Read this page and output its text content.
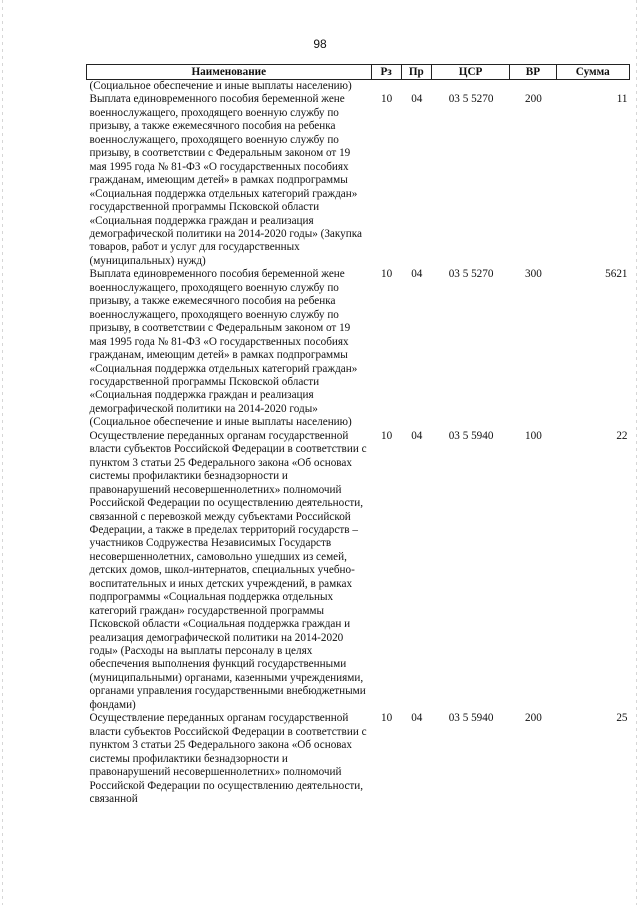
98
Наименование	Рз	Пр	ЦСР	ВР	Сумма
(Социальное обеспечение и иные выплаты населению)					
Выплата единовременного пособия беременной жене военнослужащего, проходящего военную службу по призыву, а также ежемесячного пособия на ребенка военнослужащего, проходящего военную службу по призыву, в соответствии с Федеральным законом от 19 мая 1995 года № 81-ФЗ «О государственных пособиях гражданам, имеющим детей» в рамках подпрограммы «Социальная поддержка отдельных категорий граждан» государственной программы Псковской области «Социальная поддержка граждан и реализация демографической политики на 2014-2020 годы» (Закупка товаров, работ и услуг для государственных (муниципальных) нужд)	10	04	03 5 5270	200	11
Выплата единовременного пособия беременной жене военнослужащего, проходящего военную службу по призыву, а также ежемесячного пособия на ребенка военнослужащего, проходящего военную службу по призыву, в соответствии с Федеральным законом от 19 мая 1995 года № 81-ФЗ «О государственных пособиях гражданам, имеющим детей» в рамках подпрограммы «Социальная поддержка отдельных категорий граждан» государственной программы Псковской области «Социальная поддержка граждан и реализация демографической политики на 2014-2020 годы» (Социальное обеспечение и иные выплаты населению)	10	04	03 5 5270	300	5621
Осуществление переданных органам государственной власти субъектов Российской Федерации в соответствии с пунктом 3 статьи 25 Федерального закона «Об основах системы профилактики безнадзорности и правонарушений несовершеннолетних» полномочий Российской Федерации по осуществлению деятельности, связанной с перевозкой между субъектами Российской Федерации, а также в пределах территорий государств – участников Содружества Независимых Государств несовершеннолетних, самовольно ушедших из семей, детских домов, школ-интернатов, специальных учебно-воспитательных и иных детских учреждений, в рамках подпрограммы «Социальная поддержка отдельных категорий граждан» государственной программы Псковской области «Социальная поддержка граждан и реализация демографической политики на 2014-2020 годы» (Расходы на выплаты персоналу в целях обеспечения выполнения функций государственными (муниципальными) органами, казенными учреждениями, органами управления государственными внебюджетными фондами)	10	04	03 5 5940	100	22
Осуществление переданных органам государственной власти субъектов Российской Федерации в соответствии с пунктом 3 статьи 25 Федерального закона «Об основах системы профилактики безнадзорности и правонарушений несовершеннолетних» полномочий Российской Федерации по осуществлению деятельности, связанной	10	04	03 5 5940	200	25
